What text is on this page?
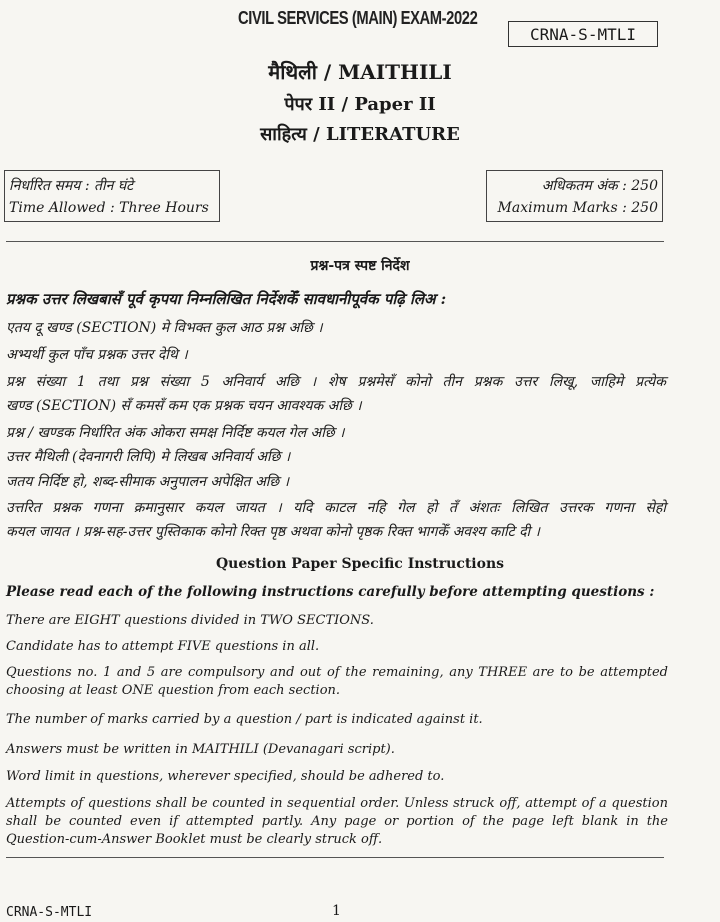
CIVIL SERVICES (MAIN) EXAM-2022
CRNA-S-MTLI
मैथिली / MAITHILI
पेपर II / Paper II
साहित्य / LITERATURE
निर्धारित समय : तीन घंटे
Time Allowed : Three Hours
अधिकतम अंक : 250
Maximum Marks : 250
प्रश्न-पत्र स्पष्ट निर्देश
प्रश्नक उत्तर लिखबासँ पूर्व कृपया निम्नलिखित निर्देशकेँ सावधानीपूर्वक पढ़ि लिअ :
एतय दू खण्ड (SECTION) मे विभक्त कुल आठ प्रश्न अछि ।
अभ्यर्थी कुल पाँच प्रश्नक उत्तर देथि ।
प्रश्न संख्या 1 तथा प्रश्न संख्या 5 अनिवार्य अछि । शेष प्रश्नमेसँ कोनो तीन प्रश्नक उत्तर लिखू, जाहिमे प्रत्येक
खण्ड (SECTION) सँ कमसँ कम एक प्रश्नक चयन आवश्यक अछि ।
प्रश्न / खण्डक निर्धारित अंक ओकरा समक्ष निर्दिष्ट कयल गेल अछि ।
उत्तर मैथिली (देवनागरी लिपि) मे लिखब अनिवार्य अछि ।
जतय निर्दिष्ट हो, शब्द-सीमाक अनुपालन अपेक्षित अछि ।
उत्तरित प्रश्नक गणना क्रमानुसार कयल जायत । यदि काटल नहि गेल हो तँ अंशतः लिखित उत्तरक गणना सेहो
कयल जायत । प्रश्न-सह-उत्तर पुस्तिकाक कोनो रिक्त पृष्ठ अथवा कोनो पृष्ठक रिक्त भागकेँ अवश्य काटि दी ।
Question Paper Specific Instructions
Please read each of the following instructions carefully before attempting questions :
There are EIGHT questions divided in TWO SECTIONS.
Candidate has to attempt FIVE questions in all.
Questions no. 1 and 5 are compulsory and out of the remaining, any THREE are to be attempted choosing at least ONE question from each section.
The number of marks carried by a question / part is indicated against it.
Answers must be written in MAITHILI (Devanagari script).
Word limit in questions, wherever specified, should be adhered to.
Attempts of questions shall be counted in sequential order. Unless struck off, attempt of a question shall be counted even if attempted partly. Any page or portion of the page left blank in the Question-cum-Answer Booklet must be clearly struck off.
CRNA-S-MTLI	1
